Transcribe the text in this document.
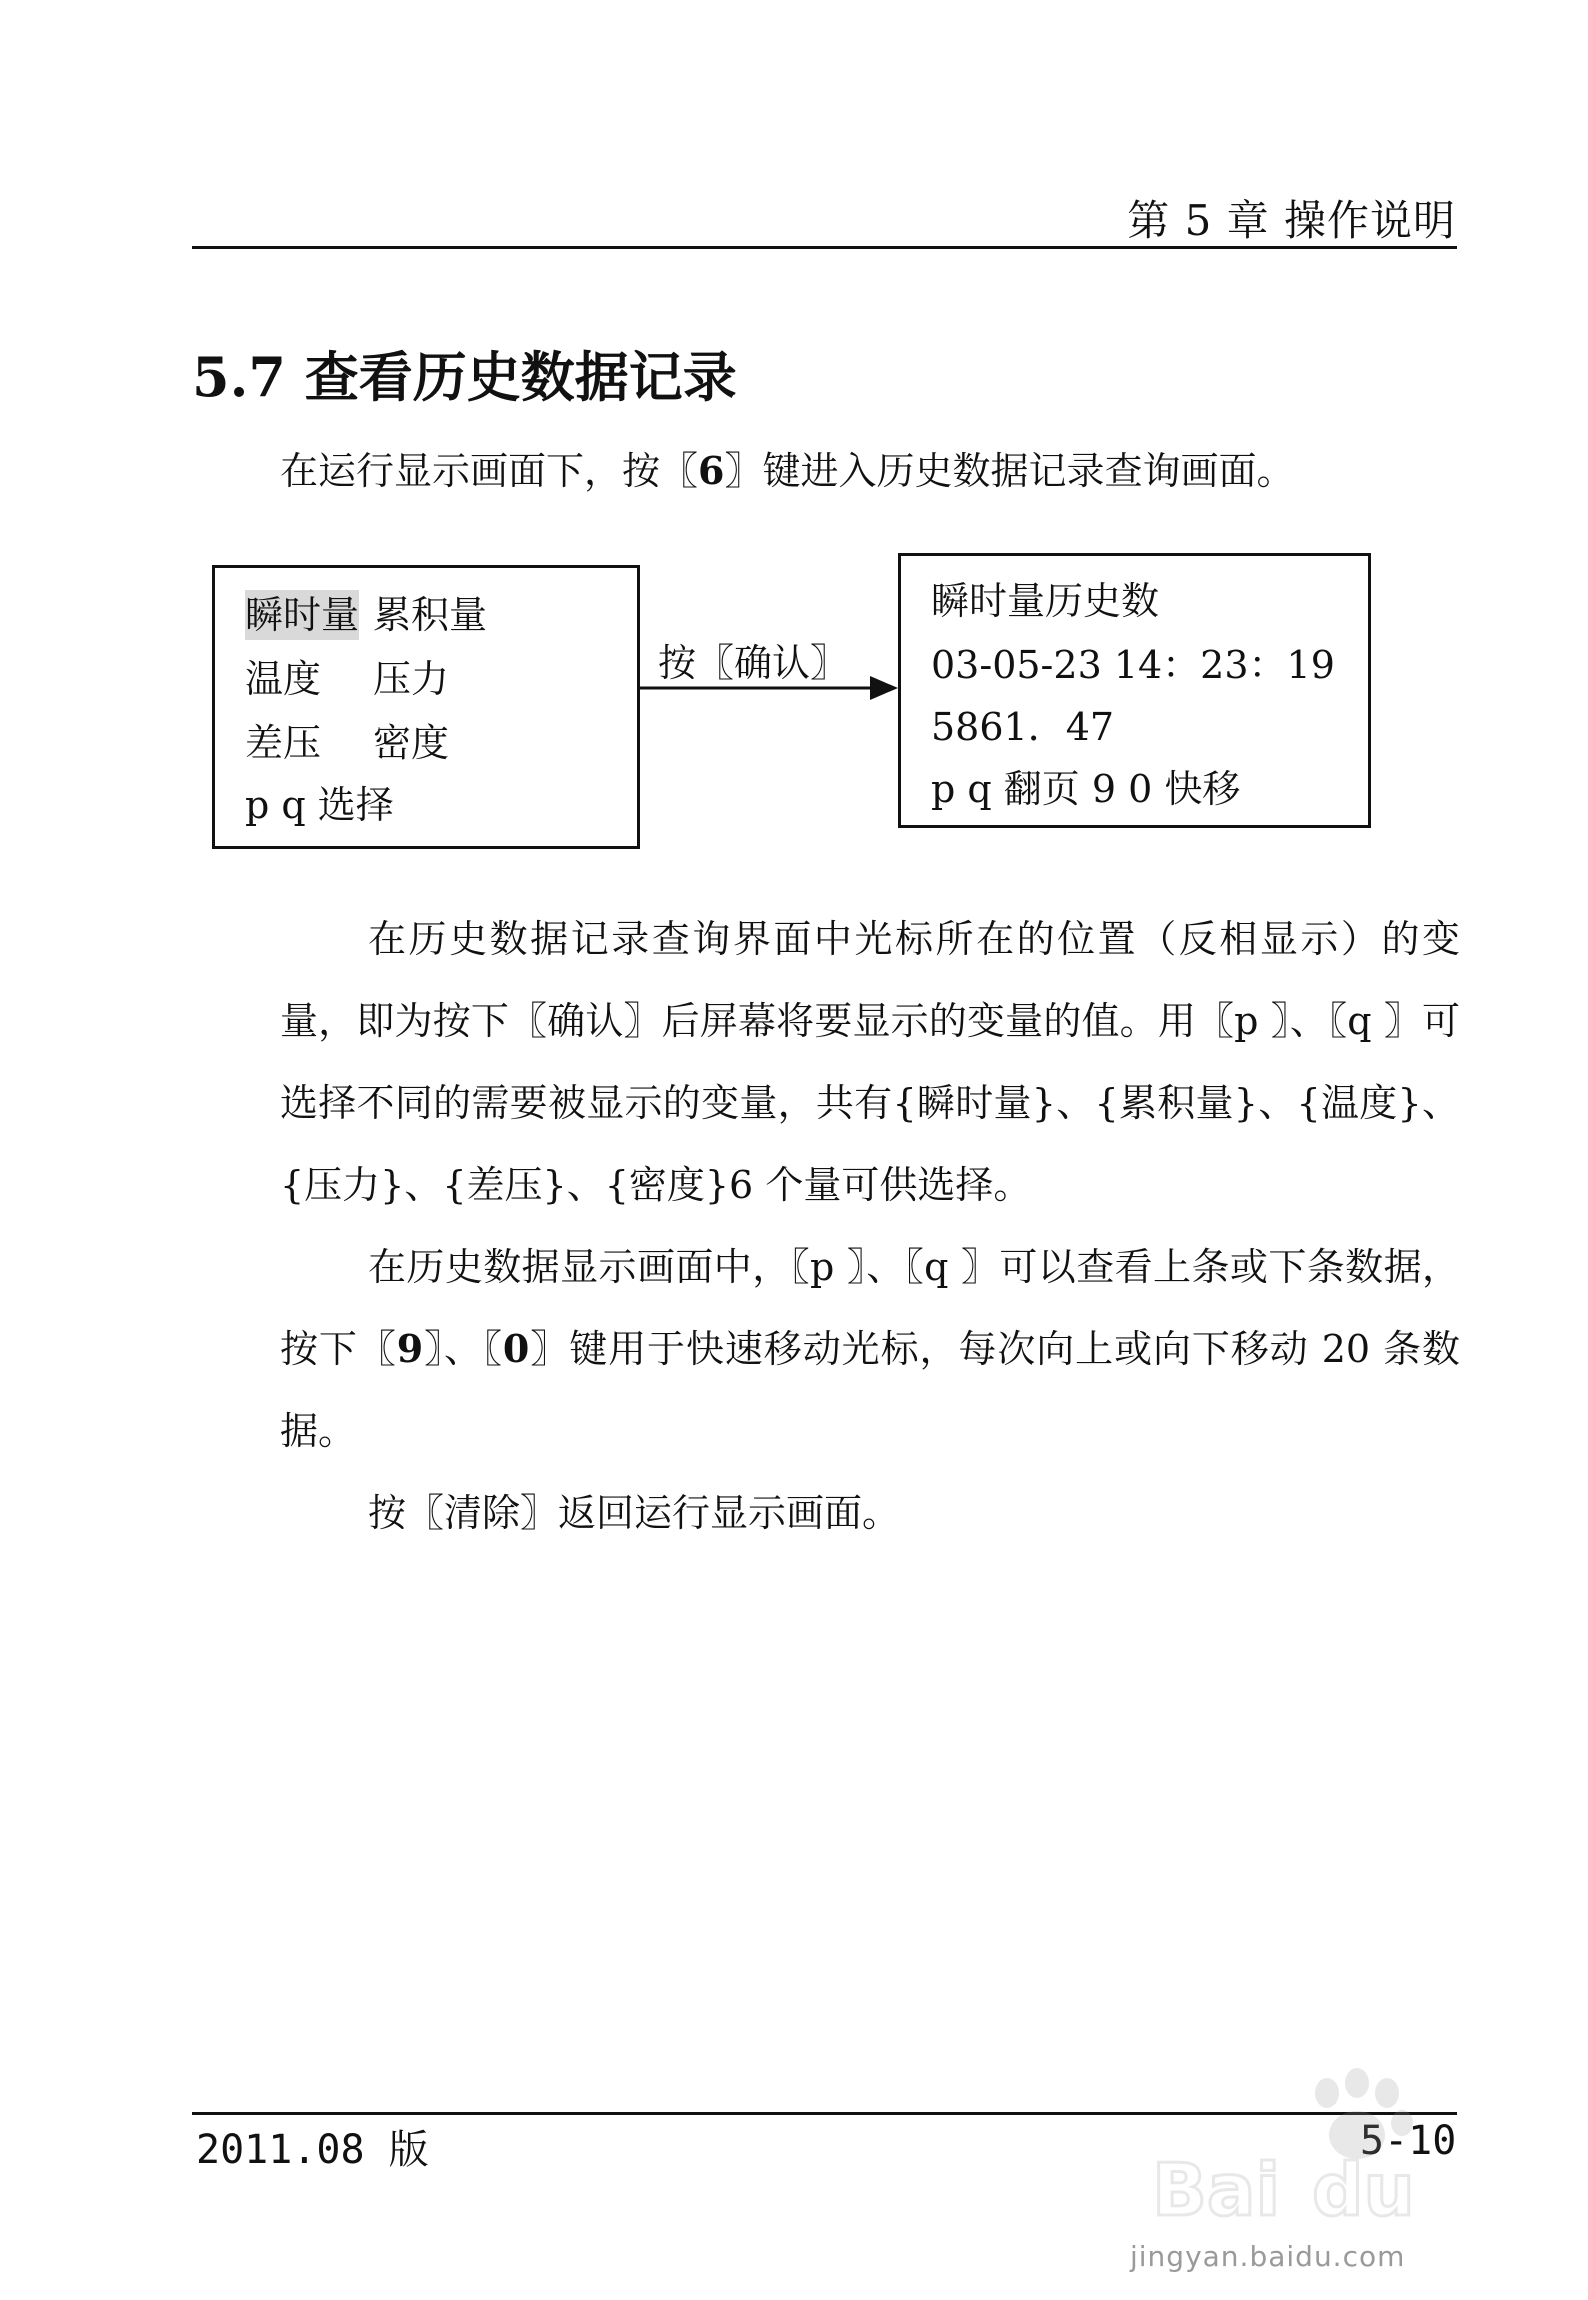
第 5 章 操作说明
5.7 查看历史数据记录
在运行显示画面下，按〖6〗键进入历史数据记录查询画面。
瞬时量 累积量
温度 压力
差压 密度
p q 选择
按〖确认〗
瞬时量历史数
03-05-23 14：23：19
5861．47
p q 翻页 9 0 快移
在历史数据记录查询界面中光标所在的位置（反相显示）的变量，即为按下〖确认〗后屏幕将要显示的变量的值。用〖p 〗、〖q 〗可选择不同的需要被显示的变量，共有{瞬时量}、{累积量}、{温度}、{压力}、{差压}、{密度}6 个量可供选择。
在历史数据显示画面中，〖p 〗、〖q 〗可以查看上条或下条数据，按下〖9〗、〖0〗键用于快速移动光标，每次向上或向下移动 20 条数据。
按〖清除〗返回运行显示画面。
2011.08 版	5-10
Bai du
jingyan.baidu.com
